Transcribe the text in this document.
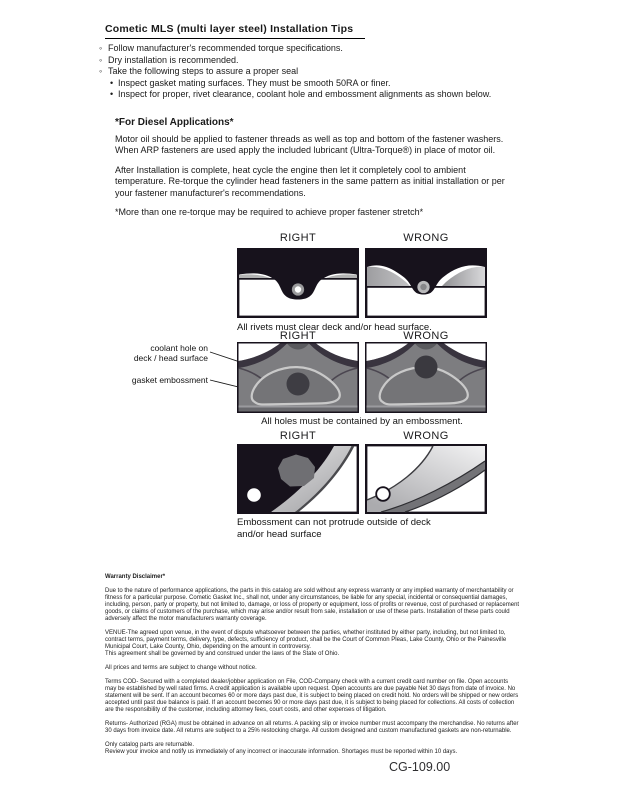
Cometic MLS (multi layer steel) Installation Tips
◦ Follow manufacturer's recommended torque specifications.
◦ Dry installation is recommended.
◦ Take the following steps to assure a proper seal
• Inspect gasket mating surfaces. They must be smooth 50RA or finer.
• Inspect for proper, rivet clearance, coolant hole and embossment alignments as shown below.
*For Diesel Applications*

Motor oil should be applied to fastener threads as well as top and bottom of the fastener washers. When ARP fasteners are used apply the included lubricant (Ultra-Torque®) in place of motor oil.

After Installation is complete, heat cycle the engine then let it completely cool to ambient temperature. Re-torque the cylinder head fasteners in the same pattern as initial installation or per your fastener manufacturer's recommendations.

*More than one re-torque may be required to achieve proper fastener stretch*

RIGHT	WRONG
All rivets must clear deck and/or head surface.
RIGHT	WRONG
coolant hole on
deck / head surface
gasket embossment
All holes must be contained by an embossment.
RIGHT	WRONG
Embossment can not protrude outside of deck
and/or head surface
Warranty Disclaimer*

Due to the nature of performance applications, the parts in this catalog are sold without any express warranty or any implied warranty of merchantability or fitness for a particular purpose. Cometic Gasket Inc., shall not, under any circumstances, be liable for any special, incidental or consequential damages, including, person, party or property, but not limited to, damage, or loss of property or equipment, loss of profits or revenue, cost of purchased or replacement goods, or claims of customers of the purchase, which may arise and/or result from sale, installation or use of these parts. Installation of these parts could adversely affect the motor manufacturers warranty coverage.

VENUE-The agreed upon venue, in the event of dispute whatsoever between the parties, whether instituted by either party, including, but not limited to, contract terms, payment terms, delivery, type, defects, sufficiency of product, shall be the Court of Common Pleas, Lake County, Ohio or the Painesville Municipal Court, Lake County, Ohio, depending on the amount in controversy.

This agreement shall be governed by and construed under the laws of the State of Ohio.

All prices and terms are subject to change without notice.

Terms COD- Secured with a completed dealer/jobber application on File, COD-Company check with a current credit card number on file. Open accounts may be established by well rated firms. A credit application is available upon request. Open accounts are due payable Net 30 days from date of invoice. No statement will be sent. If an account becomes 60 or more days past due, it is subject to being placed on credit hold. No orders will be shipped or new orders accepted until past due balance is paid. If an account becomes 90 or more days past due, it is subject to being placed for collections. All costs of collection are the responsibility of the customer, including attorney fees, court costs, and other expenses of litigation.

Returns- Authorized (RGA) must be obtained in advance on all returns. A packing slip or invoice number must accompany the merchandise. No returns after 30 days from invoice date. All returns are subject to a 25% restocking charge. All custom designed and custom manufactured gaskets are non-returnable.

Only catalog parts are returnable.

Review your invoice and notify us immediately of any incorrect or inaccurate information. Shortages must be reported within 10 days.

CG-109.00
